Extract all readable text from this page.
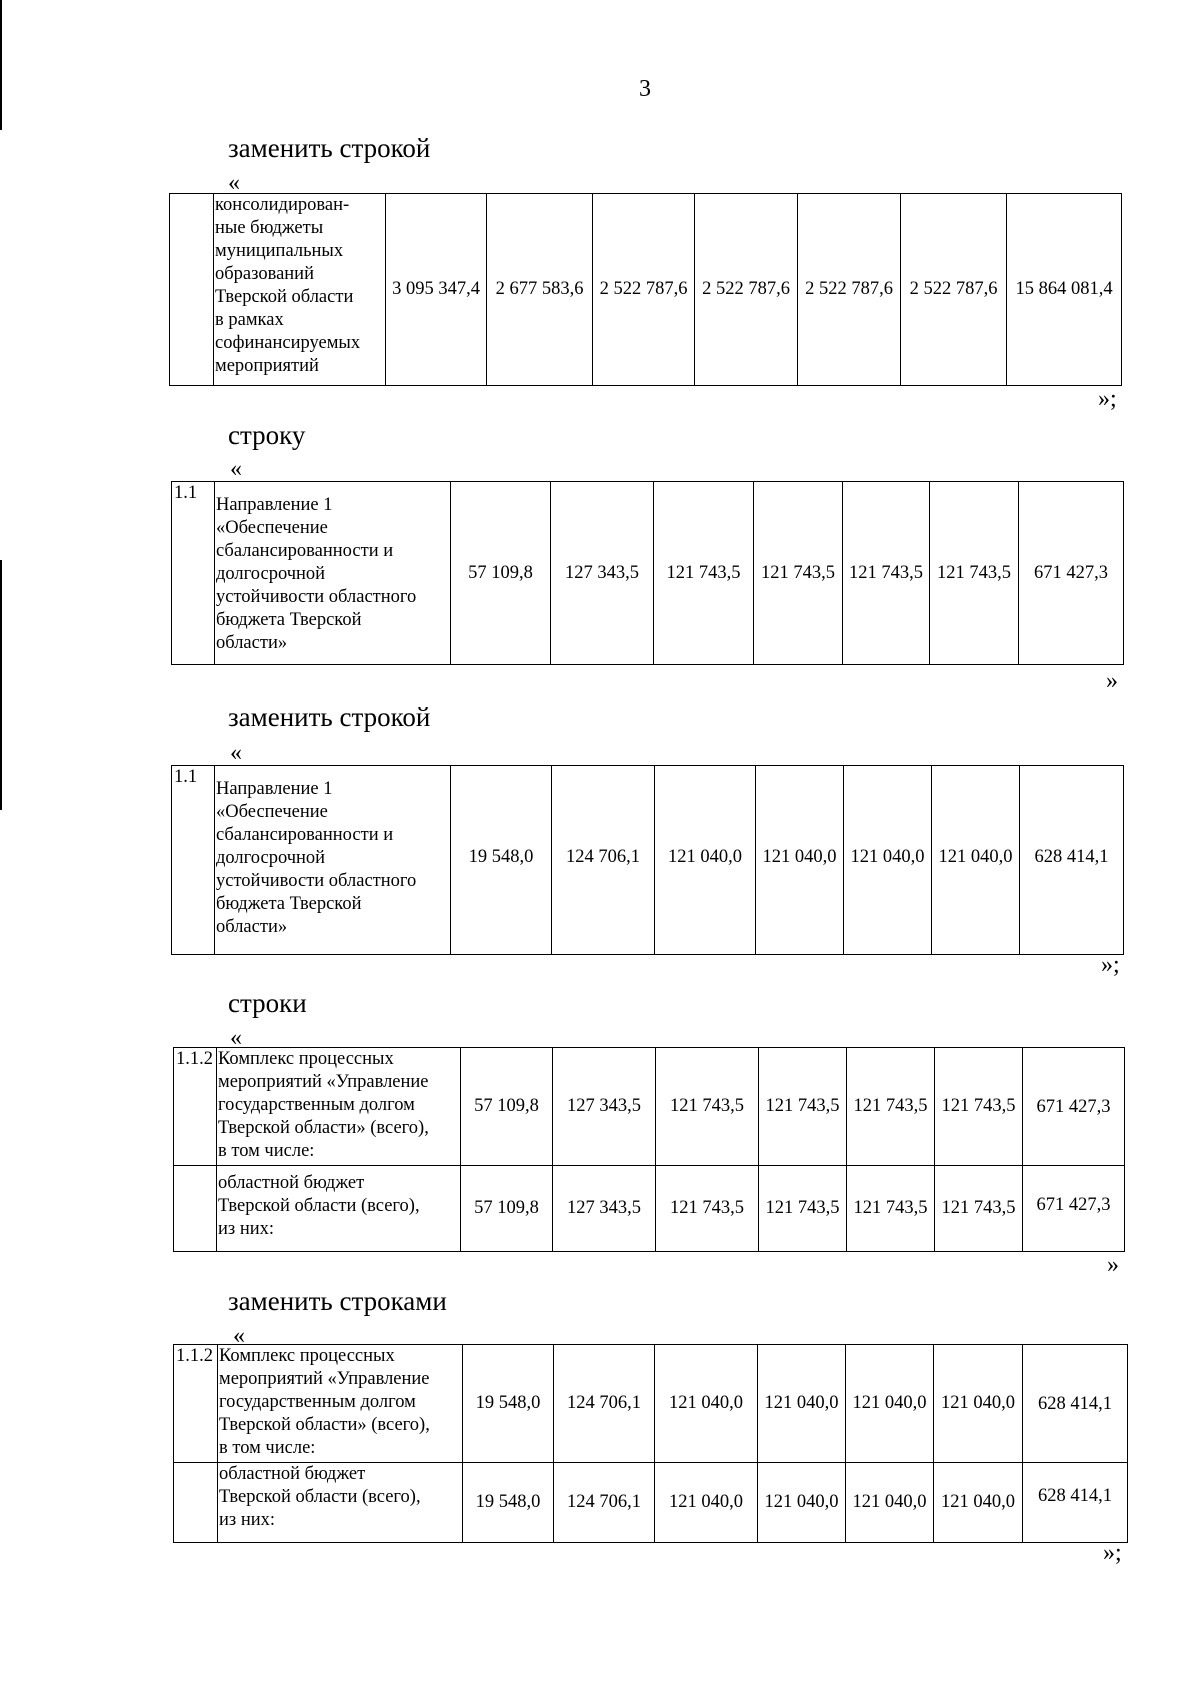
3
заменить строкой
«
	консолидирован-
ные бюджеты
муниципальных
образований
Тверской области
в рамках
софинансируемых
мероприятий	3 095 347,4	2 677 583,6	2 522 787,6	2 522 787,6	2 522 787,6	2 522 787,6	15 864 081,4
»;
строку
«
1.1	Направление 1
«Обеспечение
сбалансированности и
долгосрочной
устойчивости областного
бюджета Тверской
области»	57 109,8	127 343,5	121 743,5	121 743,5	121 743,5	121 743,5	671 427,3
»
заменить строкой
«
1.1	Направление 1
«Обеспечение
сбалансированности и
долгосрочной
устойчивости областного
бюджета Тверской
области»	19 548,0	124 706,1	121 040,0	121 040,0	121 040,0	121 040,0	628 414,1
»;
строки
«
1.1.2	Комплекс процессных
мероприятий «Управление
государственным долгом
Тверской области» (всего),
в том числе:	57 109,8	127 343,5	121 743,5	121 743,5	121 743,5	121 743,5	671 427,3
	областной бюджет
Тверской области (всего),
из них:	57 109,8	127 343,5	121 743,5	121 743,5	121 743,5	121 743,5	671 427,3
»
заменить строками
«
1.1.2	Комплекс процессных
мероприятий «Управление
государственным долгом
Тверской области» (всего),
в том числе:	19 548,0	124 706,1	121 040,0	121 040,0	121 040,0	121 040,0	628 414,1
	областной бюджет
Тверской области (всего),
из них:	19 548,0	124 706,1	121 040,0	121 040,0	121 040,0	121 040,0	628 414,1
»;
